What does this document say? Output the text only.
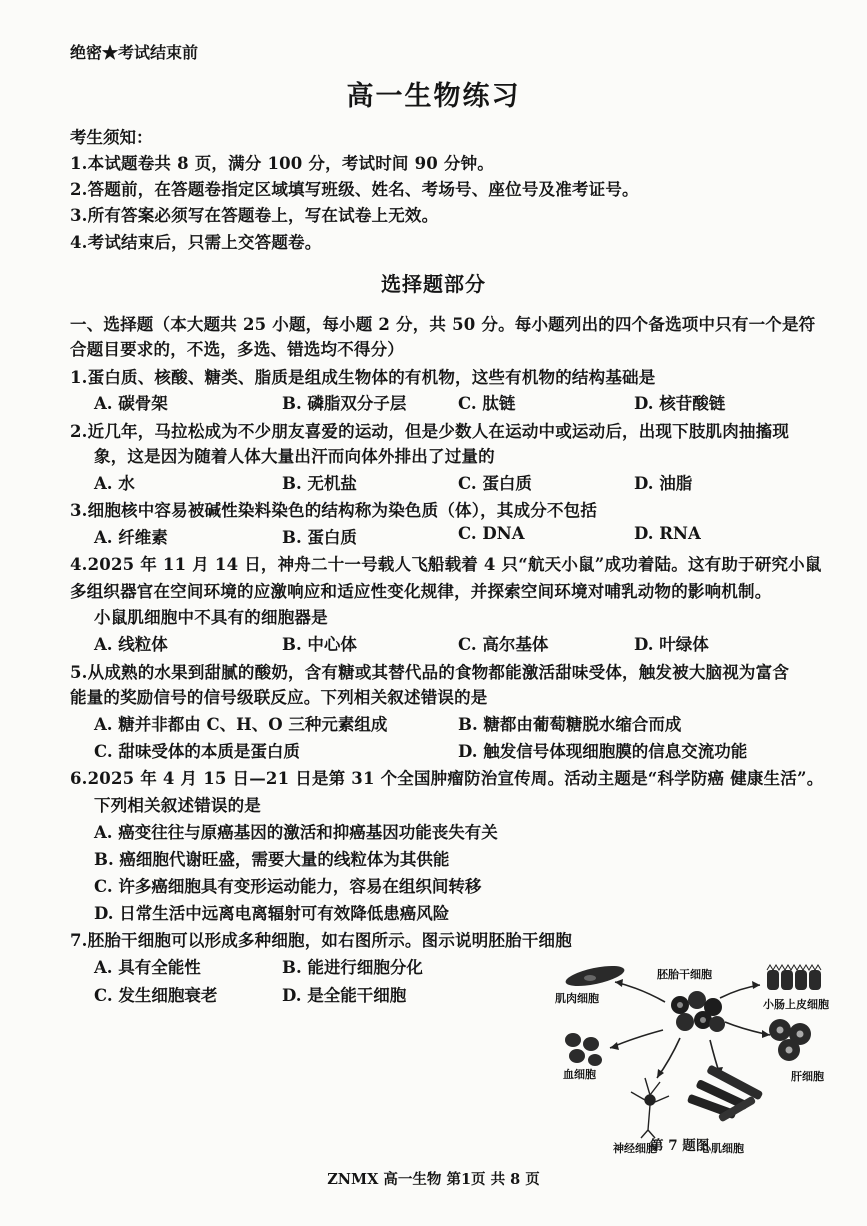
绝密★考试结束前
高一生物练习
考生须知：
1.本试题卷共 8 页，满分 100 分，考试时间 90 分钟。
2.答题前，在答题卷指定区域填写班级、姓名、考场号、座位号及准考证号。
3.所有答案必须写在答题卷上，写在试卷上无效。
4.考试结束后，只需上交答题卷。
选择题部分
一、选择题（本大题共 25 小题，每小题 2 分，共 50 分。每小题列出的四个备选项中只有一个是符
合题目要求的，不选，多选、错选均不得分）
1.蛋白质、核酸、糖类、脂质是组成生物体的有机物，这些有机物的结构基础是
A. 碳骨架	B. 磷脂双分子层	C. 肽链	D. 核苷酸链
2.近几年，马拉松成为不少朋友喜爱的运动，但是少数人在运动中或运动后，出现下肢肌肉抽搐现
象，这是因为随着人体大量出汗而向体外排出了过量的
A. 水	B. 无机盐	C. 蛋白质	D. 油脂
3.细胞核中容易被碱性染料染色的结构称为染色质（体），其成分不包括
A. 纤维素	B. 蛋白质	C. DNA	D. RNA
4.2025 年 11 月 14 日，神舟二十一号载人飞船载着 4 只“航天小鼠”成功着陆。这有助于研究小鼠
多组织器官在空间环境的应激响应和适应性变化规律，并探索空间环境对哺乳动物的影响机制。
小鼠肌细胞中不具有的细胞器是
A. 线粒体	B. 中心体	C. 高尔基体	D. 叶绿体
5.从成熟的水果到甜腻的酸奶，含有糖或其替代品的食物都能激活甜味受体，触发被大脑视为富含
能量的奖励信号的信号级联反应。下列相关叙述错误的是
A. 糖并非都由 C、H、O 三种元素组成	B. 糖都由葡萄糖脱水缩合而成
C. 甜味受体的本质是蛋白质	D. 触发信号体现细胞膜的信息交流功能
6.2025 年 4 月 15 日—21 日是第 31 个全国肿瘤防治宣传周。活动主题是“科学防癌 健康生活”。
下列相关叙述错误的是
A. 癌变往往与原癌基因的激活和抑癌基因功能丧失有关
B. 癌细胞代谢旺盛，需要大量的线粒体为其供能
C. 许多癌细胞具有变形运动能力，容易在组织间转移
D. 日常生活中远离电离辐射可有效降低患癌风险
7.胚胎干细胞可以形成多种细胞，如右图所示。图示说明胚胎干细胞
A. 具有全能性	B. 能进行细胞分化
C. 发生细胞衰老	D. 是全能干细胞
胚胎干细胞
肌肉细胞	小肠上皮细胞
血细胞	肝细胞
神经细胞	心肌细胞
第 7 题图
ZNMX 高一生物 第1页 共 8 页
